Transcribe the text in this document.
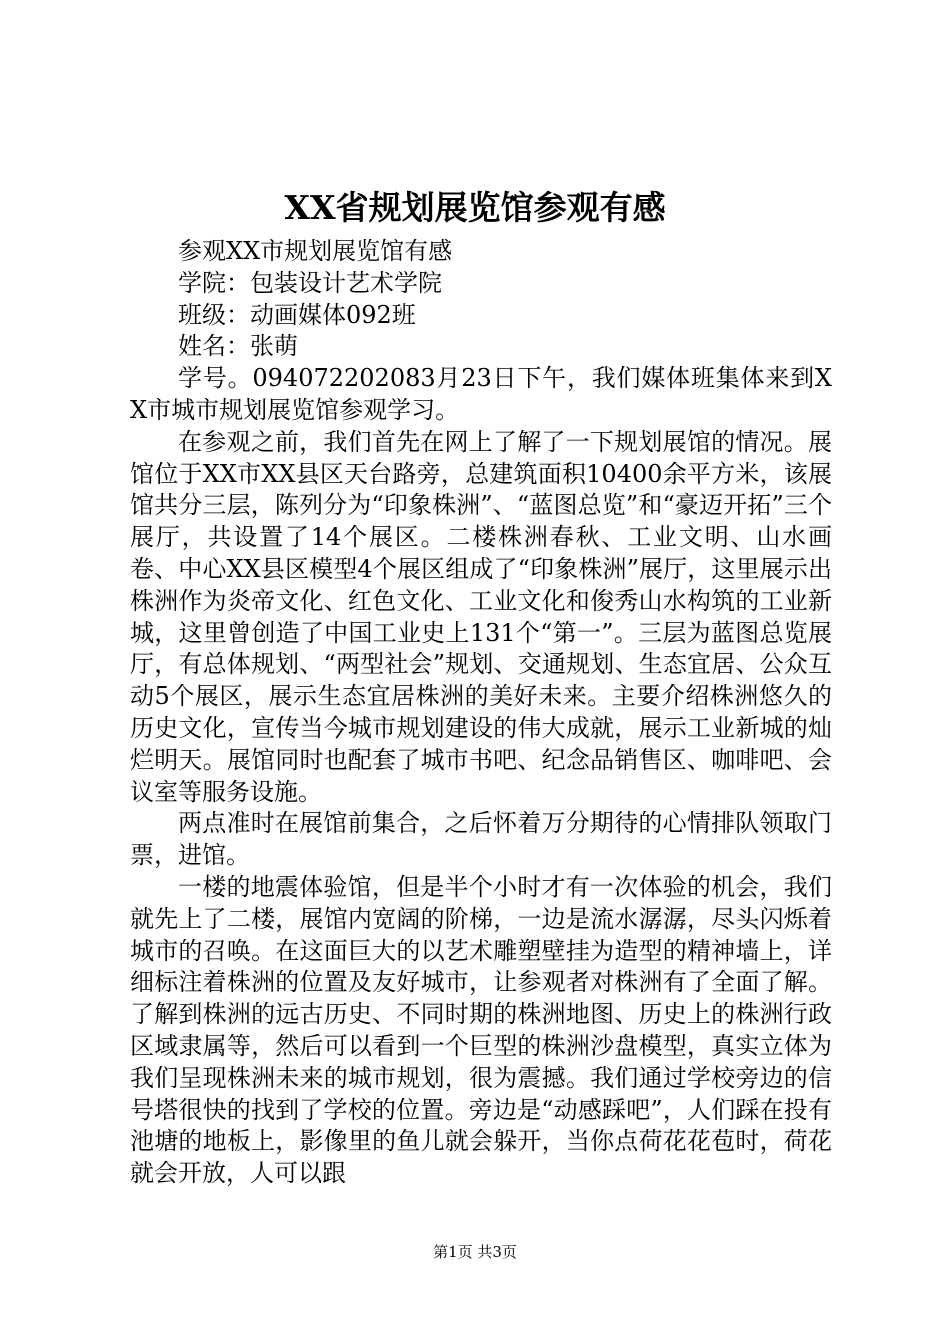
XX省规划展览馆参观有感

参观XX市规划展览馆有感

学院：包装设计艺术学院

班级：动画媒体092班

姓名：张萌

学号。094072202083月23日下午，我们媒体班集体来到XX市城市规划展览馆参观学习。

在参观之前，我们首先在网上了解了一下规划展馆的情况。展馆位于XX市XX县区天台路旁，总建筑面积10400余平方米，该展馆共分三层，陈列分为“印象株洲”、“蓝图总览”和“豪迈开拓”三个展厅，共设置了14个展区。二楼株洲春秋、工业文明、山水画卷、中心XX县区模型4个展区组成了“印象株洲”展厅，这里展示出株洲作为炎帝文化、红色文化、工业文化和俊秀山水构筑的工业新城，这里曾创造了中国工业史上131个“第一”。三层为蓝图总览展厅，有总体规划、“两型社会”规划、交通规划、生态宜居、公众互动5个展区，展示生态宜居株洲的美好未来。主要介绍株洲悠久的历史文化，宣传当今城市规划建设的伟大成就，展示工业新城的灿烂明天。展馆同时也配套了城市书吧、纪念品销售区、咖啡吧、会议室等服务设施。

两点准时在展馆前集合，之后怀着万分期待的心情排队领取门票，进馆。

一楼的地震体验馆，但是半个小时才有一次体验的机会，我们就先上了二楼，展馆内宽阔的阶梯，一边是流水潺潺，尽头闪烁着城市的召唤。在这面巨大的以艺术雕塑壁挂为造型的精神墙上，详细标注着株洲的位置及友好城市，让参观者对株洲有了全面了解。了解到株洲的远古历史、不同时期的株洲地图、历史上的株洲行政区域隶属等，然后可以看到一个巨型的株洲沙盘模型，真实立体为我们呈现株洲未来的城市规划，很为震撼。我们通过学校旁边的信号塔很快的找到了学校的位置。旁边是“动感踩吧”，人们踩在投有池塘的地板上，影像里的鱼儿就会躲开，当你点荷花花苞时，荷花就会开放，人可以跟

第1页 共3页
